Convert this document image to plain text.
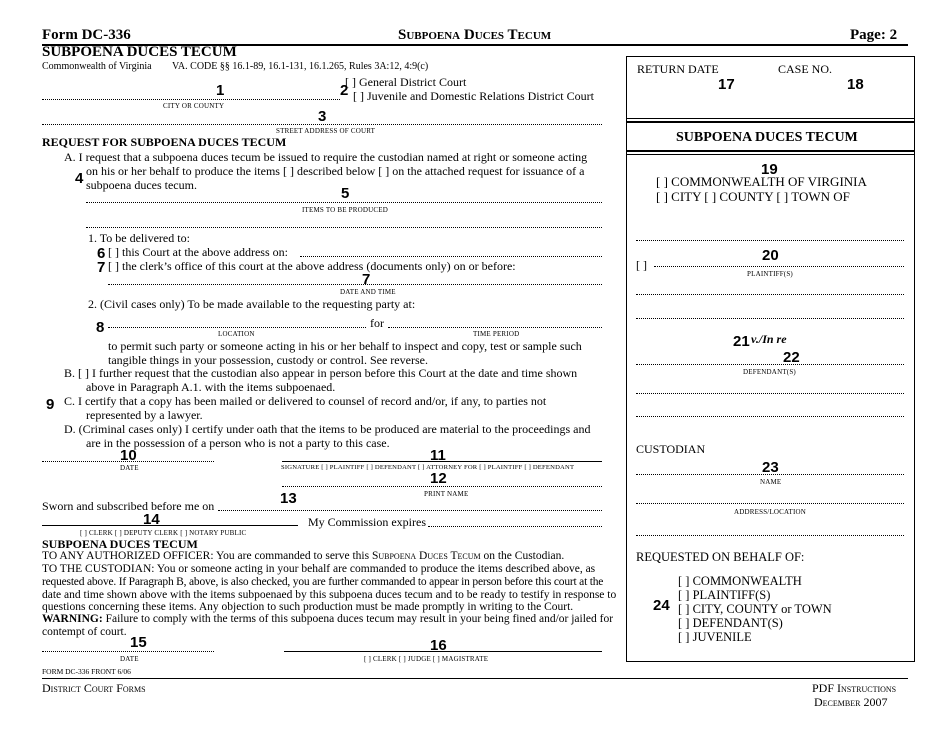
Form DC-336	Subpoena Duces Tecum	Page: 2
SUBPOENA DUCES TECUM
Commonwealth of Virginia VA. CODE §§ 16.1-89, 16.1-131, 16.1.265, Rules 3A:12, 4:9(c)
[ ] General District Court
[ ] Juvenile and Domestic Relations District Court
2
1
CITY OR COUNTY
3
STREET ADDRESS OF COURT
REQUEST FOR SUBPOENA DUCES TECUM
A. I request that a subpoena duces tecum be issued to require the custodian named at right or someone acting
4 on his or her behalf to produce the items [ ] described below [ ] on the attached request for issuance of a
subpoena duces tecum.	5
ITEMS TO BE PRODUCED
1. To be delivered to:
6 [ ] this Court at the above address on:
7 [ ] the clerk’s office of this court at the above address (documents only) on or before:
7
DATE AND TIME
2. (Civil cases only) To be made available to the requesting party at:
8	for
LOCATION	TIME PERIOD
to permit such party or someone acting in his or her behalf to inspect and copy, test or sample such
tangible things in your possession, custody or control. See reverse.
B. [ ] I further request that the custodian also appear in person before this Court at the date and time shown
above in Paragraph A.1. with the items subpoenaed.
9 C. I certify that a copy has been mailed or delivered to counsel of record and/or, if any, to parties not
represented by a lawyer.
D. (Criminal cases only) I certify under oath that the items to be produced are material to the proceedings and
are in the possession of a person who is not a party to this case.
10
DATE
11
SIGNATURE [ ] PLAINTIFF [ ] DEFENDANT [ ] ATTORNEY FOR [ ] PLAINTIFF [ ] DEFENDANT
12
PRINT NAME
13
Sworn and subscribed before me on
14	My Commission expires
[ ] CLERK [ ] DEPUTY CLERK [ ] NOTARY PUBLIC
SUBPOENA DUCES TECUM
TO ANY AUTHORIZED OFFICER: You are commanded to serve this Subpoena Duces Tecum on the Custodian.
TO THE CUSTODIAN: You or someone acting in your behalf are commanded to produce the items described above, as
requested above. If Paragraph B, above, is also checked, you are further commanded to appear in person before this court at the
date and time shown above with the items subpoenaed by this subpoena duces tecum and to be ready to testify in response to
questions concerning these items. Any objection to such production must be made promptly in writing to the Court.
WARNING: Failure to comply with the terms of this subpoena duces tecum may result in your being fined and/or jailed for
contempt of court.
15
DATE
16
[ ] CLERK [ ] JUDGE [ ] MAGISTRATE
FORM DC-336 FRONT 6/06
RETURN DATE	CASE NO.
17	18
SUBPOENA DUCES TECUM
19
[ ] COMMONWEALTH OF VIRGINIA
[ ] CITY [ ] COUNTY [ ] TOWN OF
20
[ ]
PLAINTIFF(S)
21 v./In re
22
DEFENDANT(S)
CUSTODIAN
23
NAME
ADDRESS/LOCATION
REQUESTED ON BEHALF OF:
[ ] COMMONWEALTH
[ ] PLAINTIFF(S)
24 [ ] CITY, COUNTY or TOWN
[ ] DEFENDANT(S)
[ ] JUVENILE
District Court Forms	PDF Instructions
December 2007
